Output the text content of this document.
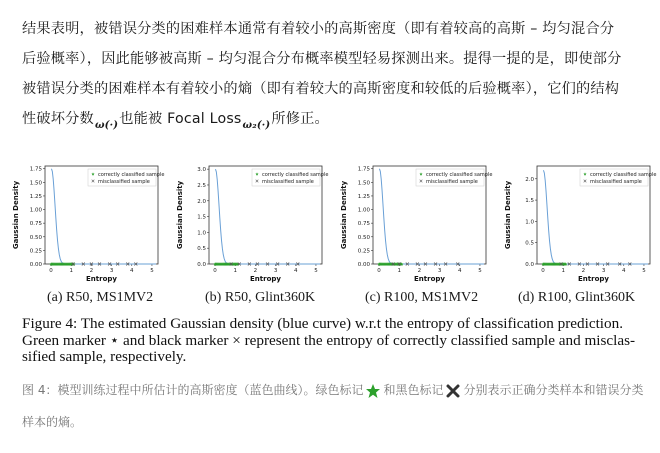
结果表明，被错误分类的困难样本通常有着较小的高斯密度（即有着较高的高斯 – 均匀混合分
后验概率），因此能够被高斯 – 均匀混合分布概率模型轻易探测出来。提得一提的是，即使部分
被错误分类的困难样本有着较小的熵（即有着较大的高斯密度和较低的后验概率），它们的结构
性破坏分数$_{\omega(\cdot)}$也能被 Focal Loss$_{\omega_2(\cdot)}$所修正。
0.00
0.25
0.50
0.75
1.00
1.25
1.50
1.75
0	1	2	3	4	5
Entropy
Gaussian Density
correctly classified sample
misclassified sample
0.0
0.5
1.0
1.5
2.0
2.5
3.0
0	1	2	3	4	5
Entropy
Gaussian Density
correctly classified sample
misclassified sample
0.00
0.25
0.50
0.75
1.00
1.25
1.50
1.75
0	1	2	3	4	5
Entropy
Gaussian Density
correctly classified sample
misclassified sample
0.0
0.5
1.0
1.5
2.0
0	1	2	3	4	5
Entropy
Gaussian Density
correctly classified sample
misclassified sample
(a) R50, MS1MV2	(b) R50, Glint360K	(c) R100, MS1MV2	(d) R100, Glint360K
Figure 4: The estimated Gaussian density (blue curve) w.r.t the entropy of classification prediction.
Green marker ⋆ and black marker × represent the entropy of correctly classified sample and misclas-
sified sample, respectively.
图 4：模型训练过程中所估计的高斯密度（蓝色曲线）。绿色标记 和黑色标记 分别表示正确分类样本和错误分类
样本的熵。
